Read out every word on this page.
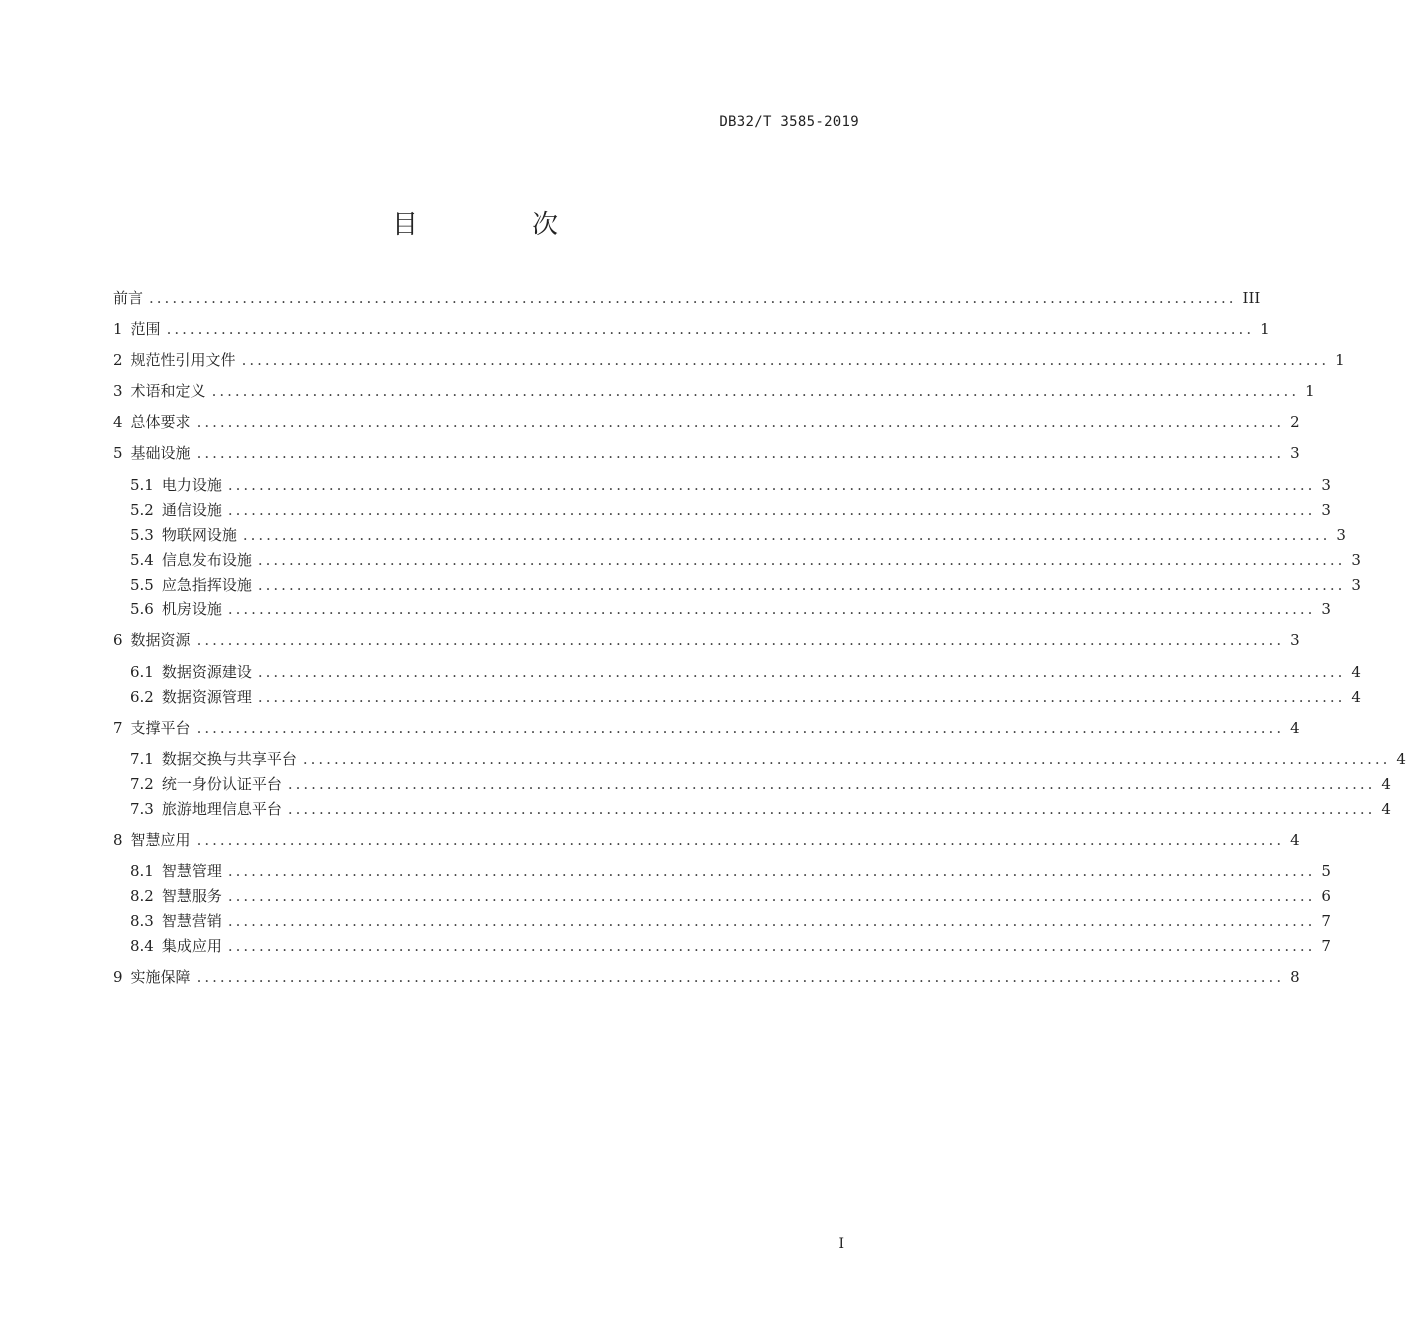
DB32/T 3585-2019
目　次
前言 ............................................................................................................................................ III
1 范围 ............................................................................................................................................ 1
2 规范性引用文件 ............................................................................................................................................ 1
3 术语和定义 ............................................................................................................................................ 1
4 总体要求 ............................................................................................................................................ 2
5 基础设施 ............................................................................................................................................ 3
5.1 电力设施 ............................................................................................................................................ 3
5.2 通信设施 ............................................................................................................................................ 3
5.3 物联网设施 ............................................................................................................................................ 3
5.4 信息发布设施 ............................................................................................................................................ 3
5.5 应急指挥设施 ............................................................................................................................................ 3
5.6 机房设施 ............................................................................................................................................ 3
6 数据资源 ............................................................................................................................................ 3
6.1 数据资源建设 ............................................................................................................................................ 4
6.2 数据资源管理 ............................................................................................................................................ 4
7 支撑平台 ............................................................................................................................................ 4
7.1 数据交换与共享平台 ............................................................................................................................................ 4
7.2 统一身份认证平台 ............................................................................................................................................ 4
7.3 旅游地理信息平台 ............................................................................................................................................ 4
8 智慧应用 ............................................................................................................................................ 4
8.1 智慧管理 ............................................................................................................................................ 5
8.2 智慧服务 ............................................................................................................................................ 6
8.3 智慧营销 ............................................................................................................................................ 7
8.4 集成应用 ............................................................................................................................................ 7
9 实施保障 ............................................................................................................................................ 8
I
